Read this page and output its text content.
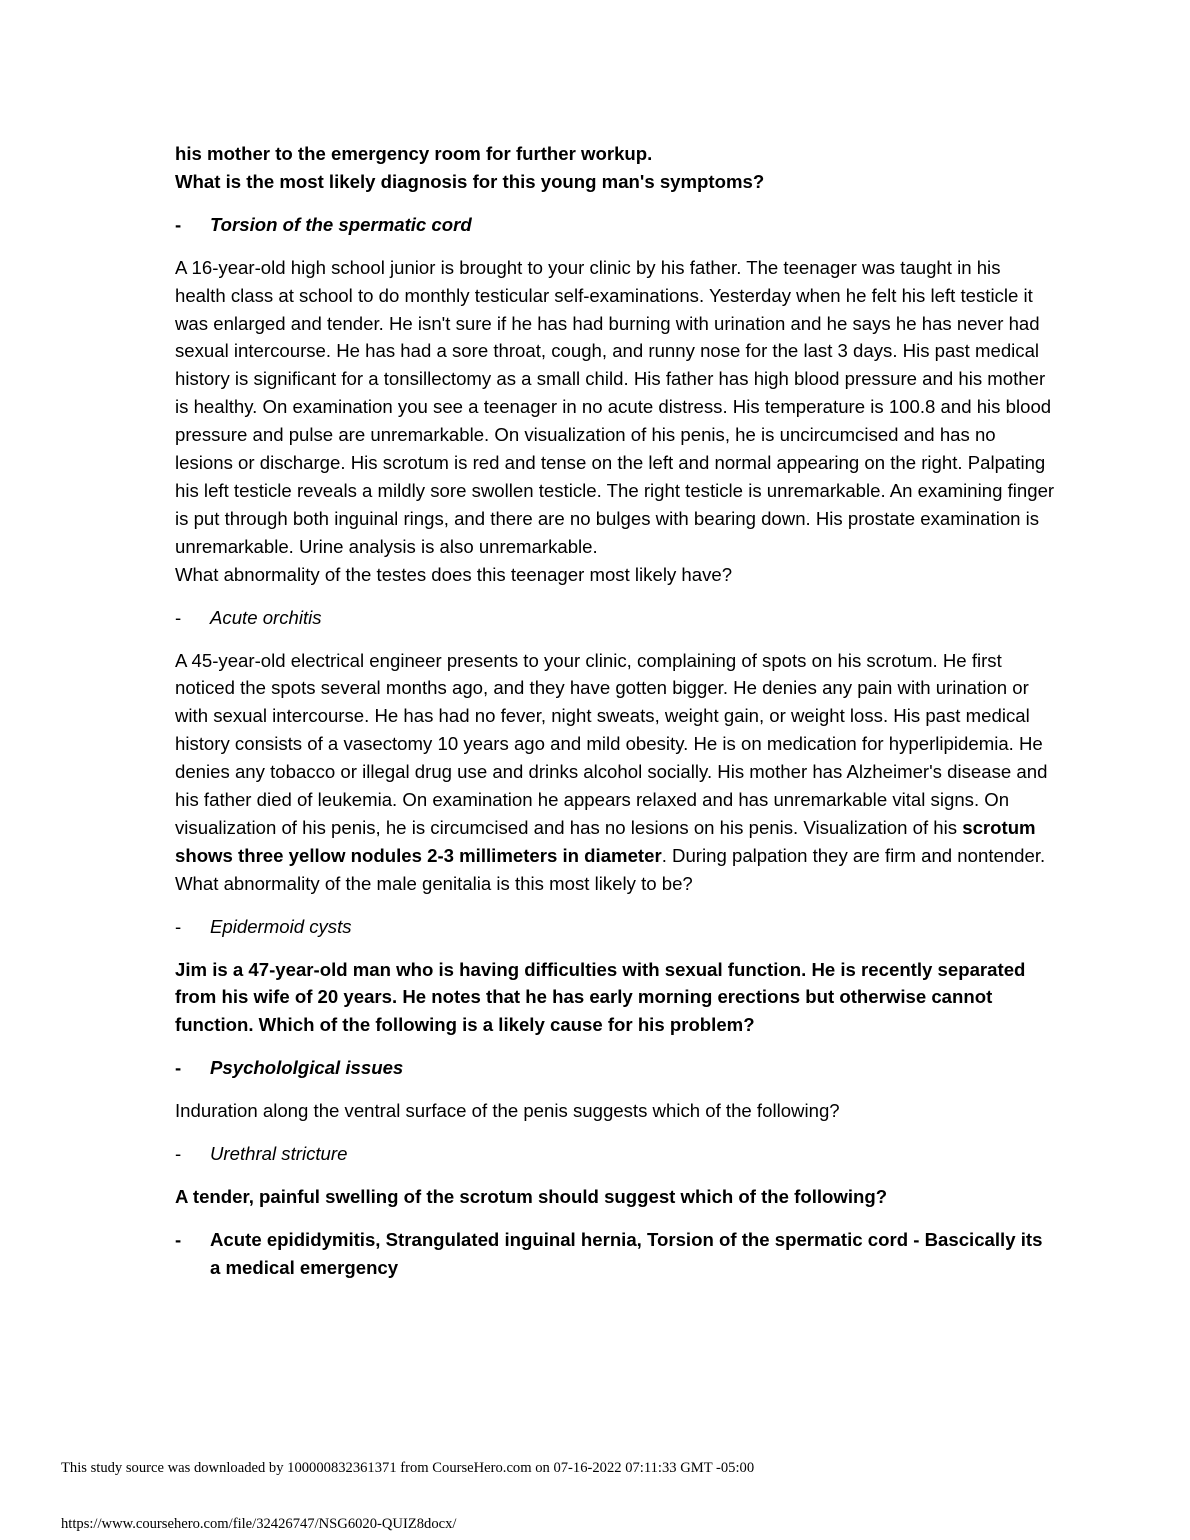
his mother to the emergency room for further workup.

What is the most likely diagnosis for this young man's symptoms?

- Torsion of the spermatic cord

A 16-year-old high school junior is brought to your clinic by his father. The teenager was taught in his health class at school to do monthly testicular self-examinations. Yesterday when he felt his left testicle it was enlarged and tender. He isn't sure if he has had burning with urination and he says he has never had sexual intercourse. He has had a sore throat, cough, and runny nose for the last 3 days. His past medical history is significant for a tonsillectomy as a small child. His father has high blood pressure and his mother is healthy. On examination you see a teenager in no acute distress. His temperature is 100.8 and his blood pressure and pulse are unremarkable. On visualization of his penis, he is uncircumcised and has no lesions or discharge. His scrotum is red and tense on the left and normal appearing on the right. Palpating his left testicle reveals a mildly sore swollen testicle. The right testicle is unremarkable. An examining finger is put through both inguinal rings, and there are no bulges with bearing down. His prostate examination is unremarkable. Urine analysis is also unremarkable.

What abnormality of the testes does this teenager most likely have?

- Acute orchitis

A 45-year-old electrical engineer presents to your clinic, complaining of spots on his scrotum. He first noticed the spots several months ago, and they have gotten bigger. He denies any pain with urination or with sexual intercourse. He has had no fever, night sweats, weight gain, or weight loss. His past medical history consists of a vasectomy 10 years ago and mild obesity. He is on medication for hyperlipidemia. He denies any tobacco or illegal drug use and drinks alcohol socially. His mother has Alzheimer's disease and his father died of leukemia. On examination he appears relaxed and has unremarkable vital signs. On visualization of his penis, he is circumcised and has no lesions on his penis. Visualization of his scrotum shows three yellow nodules 2-3 millimeters in diameter. During palpation they are firm and nontender.

What abnormality of the male genitalia is this most likely to be?

- Epidermoid cysts

Jim is a 47-year-old man who is having difficulties with sexual function. He is recently separated from his wife of 20 years. He notes that he has early morning erections but otherwise cannot function. Which of the following is a likely cause for his problem?

- Psychololgical issues

Induration along the ventral surface of the penis suggests which of the following?

- Urethral stricture

A tender, painful swelling of the scrotum should suggest which of the following?

- Acute epididymitis, Strangulated inguinal hernia, Torsion of the spermatic cord - Bascically its a medical emergency
This study source was downloaded by 100000832361371 from CourseHero.com on 07-16-2022 07:11:33 GMT -05:00
https://www.coursehero.com/file/32426747/NSG6020-QUIZ8docx/
